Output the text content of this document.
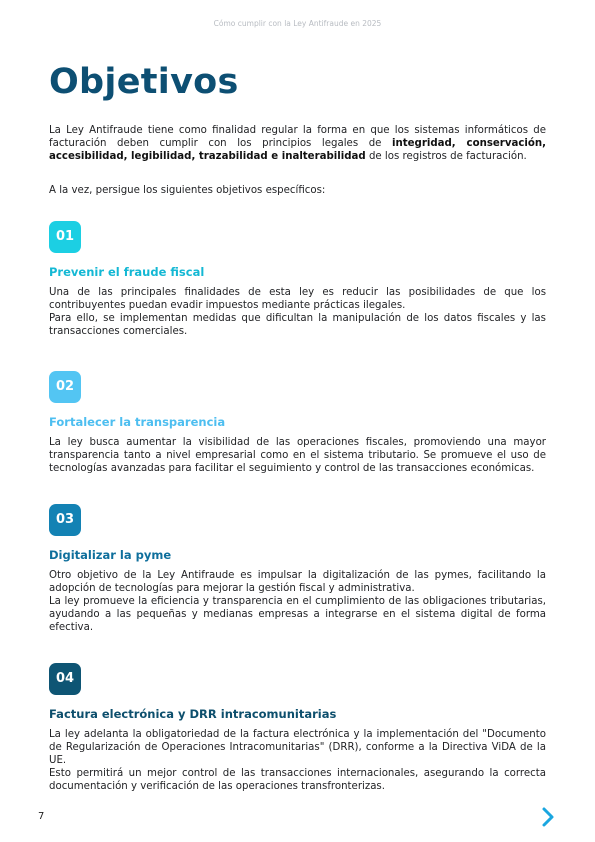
Cómo cumplir con la Ley Antifraude en 2025
Objetivos

La Ley Antifraude tiene como finalidad regular la forma en que los sistemas informáticos de facturación deben cumplir con los principios legales de integridad, conservación, accesibilidad, legibilidad, trazabilidad e inalterabilidad de los registros de facturación.

A la vez, persigue los siguientes objetivos específicos:

01
Prevenir el fraude fiscal

Una de las principales finalidades de esta ley es reducir las posibilidades de que los contribuyentes puedan evadir impuestos mediante prácticas ilegales.
Para ello, se implementan medidas que dificultan la manipulación de los datos fiscales y las transacciones comerciales.

02
Fortalecer la transparencia

La ley busca aumentar la visibilidad de las operaciones fiscales, promoviendo una mayor transparencia tanto a nivel empresarial como en el sistema tributario. Se promueve el uso de tecnologías avanzadas para facilitar el seguimiento y control de las transacciones económicas.

03
Digitalizar la pyme

Otro objetivo de la Ley Antifraude es impulsar la digitalización de las pymes, facilitando la adopción de tecnologías para mejorar la gestión fiscal y administrativa.
La ley promueve la eficiencia y transparencia en el cumplimiento de las obligaciones tributarias, ayudando a las pequeñas y medianas empresas a integrarse en el sistema digital de forma efectiva.

04
Factura electrónica y DRR intracomunitarias

La ley adelanta la obligatoriedad de la factura electrónica y la implementación del "Documento de Regularización de Operaciones Intracomunitarias" (DRR), conforme a la Directiva ViDA de la UE.
Esto permitirá un mejor control de las transacciones internacionales, asegurando la correcta documentación y verificación de las operaciones transfronterizas.

7
